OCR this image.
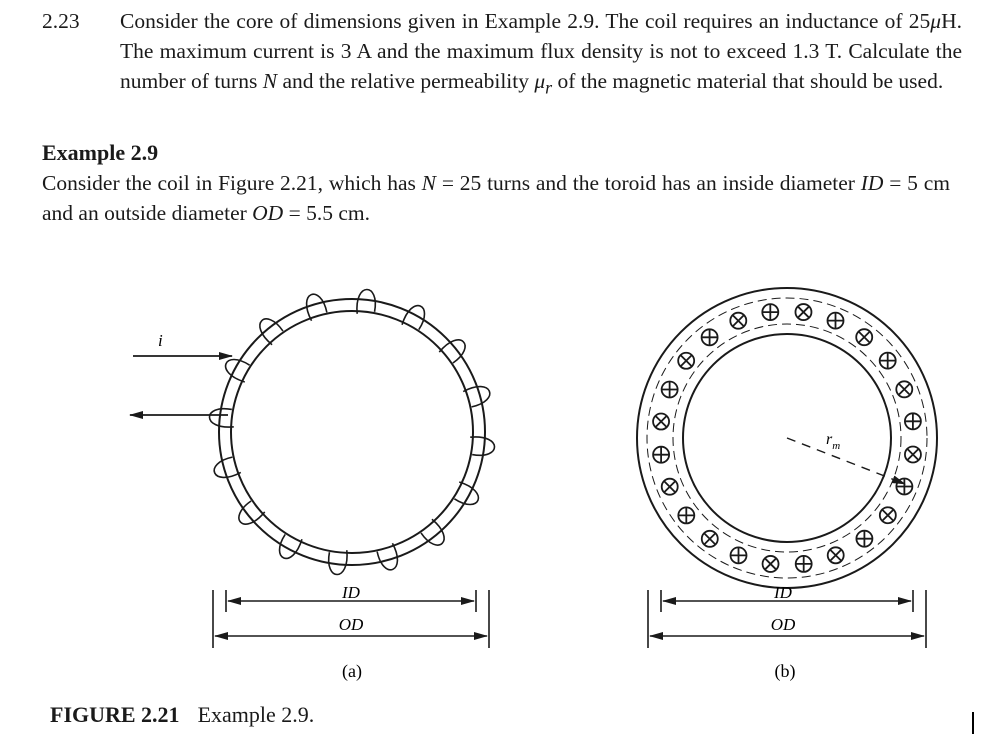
2.23 Consider the core of dimensions given in Example 2.9. The coil requires an inductance of 25μH. The maximum current is 3 A and the maximum flux density is not to exceed 1.3 T. Calculate the number of turns N and the relative permeability $\mu_r$ of the magnetic material that should be used.
Example 2.9
Consider the coil in Figure 2.21, which has N = 25 turns and the toroid has an inside diameter ID = 5 cm and an outside diameter OD = 5.5 cm.
i
ID
OD
(a)
$r_m$
ID
OD
(b)
FIGURE 2.21 Example 2.9.
